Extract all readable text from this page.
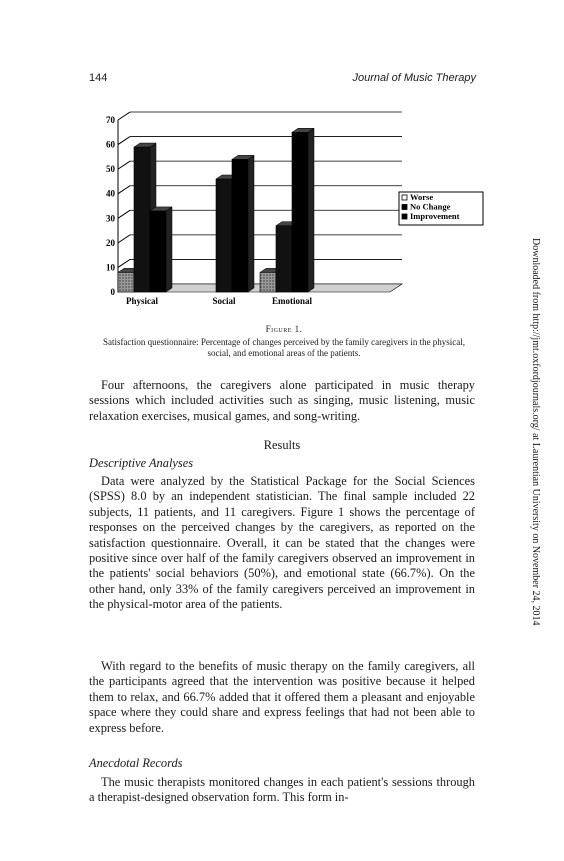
144	Journal of Music Therapy
0
10
20
30
40
50
60
70
Physical	Social	Emotional
Worse
No Change
Improvement
Figure 1.
Satisfaction questionnaire: Percentage of changes perceived by the family caregivers in the physical, social, and emotional areas of the patients.

Four afternoons, the caregivers alone participated in music therapy sessions which included activities such as singing, music listening, music relaxation exercises, musical games, and song-writing.

Results
Descriptive Analyses

Data were analyzed by the Statistical Package for the Social Sciences (SPSS) 8.0 by an independent statistician. The final sample included 22 subjects, 11 patients, and 11 caregivers. Figure 1 shows the percentage of responses on the perceived changes by the caregivers, as reported on the satisfaction questionnaire. Overall, it can be stated that the changes were positive since over half of the family caregivers observed an improvement in the patients' social behaviors (50%), and emotional state (66.7%). On the other hand, only 33% of the family caregivers perceived an improvement in the physical-motor area of the patients.

With regard to the benefits of music therapy on the family caregivers, all the participants agreed that the intervention was positive because it helped them to relax, and 66.7% added that it offered them a pleasant and enjoyable space where they could share and express feelings that had not been able to express before.

Anecdotal Records

The music therapists monitored changes in each patient's sessions through a therapist-designed observation form. This form in-

Downloaded from http://jmt.oxfordjournals.org/ at Laurentian University on November 24, 2014
